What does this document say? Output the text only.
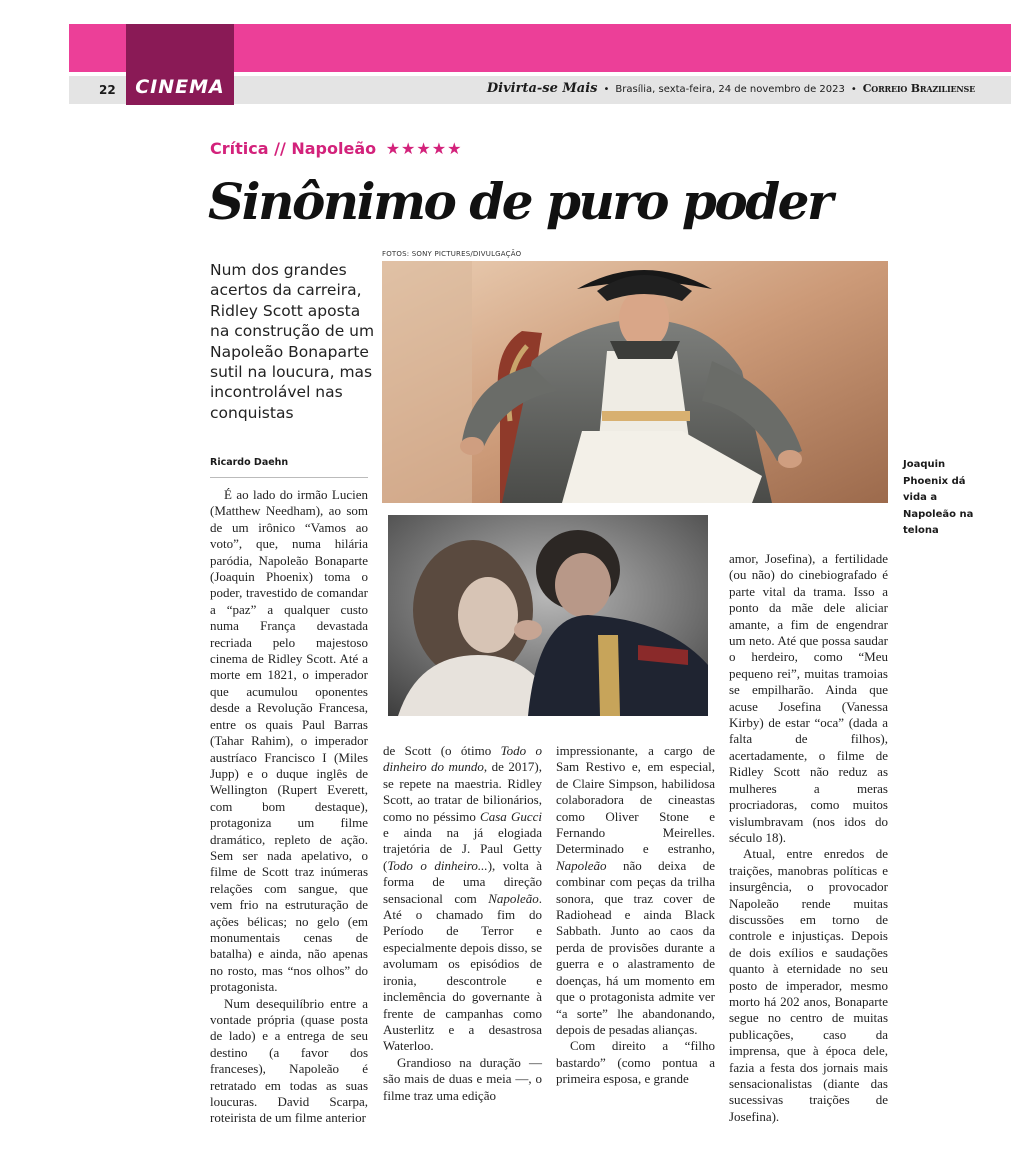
CINEMA
22	Divirta-se Mais • Brasília, sexta-feira, 24 de novembro de 2023 • Correio Braziliense
Crítica // Napoleão ★★★★★
Sinônimo de puro poder

Num dos grandes acertos da carreira, Ridley Scott aposta na construção de um Napoleão Bonaparte sutil na loucura, mas incontrolável nas conquistas

Ricardo Daehn
FOTOS: SONY PICTURES/DIVULGAÇÃO
Joaquin Phoenix dá vida a Napoleão na telona

É ao lado do irmão Lucien (Matthew Needham), ao som de um irônico “Vamos ao voto”, que, numa hilária paródia, Napoleão Bonaparte (Joaquin Phoenix) toma o poder, travestido de comandar a “paz” a qualquer custo numa França devastada recriada pelo majestoso cinema de Ridley Scott. Até a morte em 1821, o imperador que acumulou oponentes desde a Revolução Francesa, entre os quais Paul Barras (Tahar Rahim), o imperador austríaco Francisco I (Miles Jupp) e o duque inglês de Wellington (Rupert Everett, com bom destaque), protagoniza um filme dramático, repleto de ação. Sem ser nada apelativo, o filme de Scott traz inúmeras relações com sangue, que vem frio na estruturação de ações bélicas; no gelo (em monumentais cenas de batalha) e ainda, não apenas no rosto, mas “nos olhos” do protagonista.

Num desequilíbrio entre a vontade própria (quase posta de lado) e a entrega de seu destino (a favor dos franceses), Napoleão é retratado em todas as suas loucuras. David Scarpa, roteirista de um filme anterior

de Scott (o ótimo Todo o dinheiro do mundo, de 2017), se repete na maestria. Ridley Scott, ao tratar de bilionários, como no péssimo Casa Gucci e ainda na já elogiada trajetória de J. Paul Getty (Todo o dinheiro...), volta à forma de uma direção sensacional com Napoleão. Até o chamado fim do Período de Terror e especialmente depois disso, se avolumam os episódios de ironia, descontrole e inclemência do governante à frente de campanhas como Austerlitz e a desastrosa Waterloo.

Grandioso na duração — são mais de duas e meia —, o filme traz uma edição

impressionante, a cargo de Sam Restivo e, em especial, de Claire Simpson, habilidosa colaboradora de cineastas como Oliver Stone e Fernando Meirelles. Determinado e estranho, Napoleão não deixa de combinar com peças da trilha sonora, que traz cover de Radiohead e ainda Black Sabbath. Junto ao caos da perda de provisões durante a guerra e o alastramento de doenças, há um momento em que o protagonista admite ver “a sorte” lhe abandonando, depois de pesadas alianças.

Com direito a “filho bastardo” (como pontua a primeira esposa, e grande

amor, Josefina), a fertilidade (ou não) do cinebiografado é parte vital da trama. Isso a ponto da mãe dele aliciar amante, a fim de engendrar um neto. Até que possa saudar o herdeiro, como “Meu pequeno rei”, muitas tramoias se empilharão. Ainda que acuse Josefina (Vanessa Kirby) de estar “oca” (dada a falta de filhos), acertadamente, o filme de Ridley Scott não reduz as mulheres a meras procriadoras, como muitos vislumbravam (nos idos do século 18).

Atual, entre enredos de traições, manobras políticas e insurgência, o provocador Napoleão rende muitas discussões em torno de controle e injustiças. Depois de dois exílios e saudações quanto à eternidade no seu posto de imperador, mesmo morto há 202 anos, Bonaparte segue no centro de muitas publicações, caso da imprensa, que à época dele, fazia a festa dos jornais mais sensacionalistas (diante das sucessivas traições de Josefina).
